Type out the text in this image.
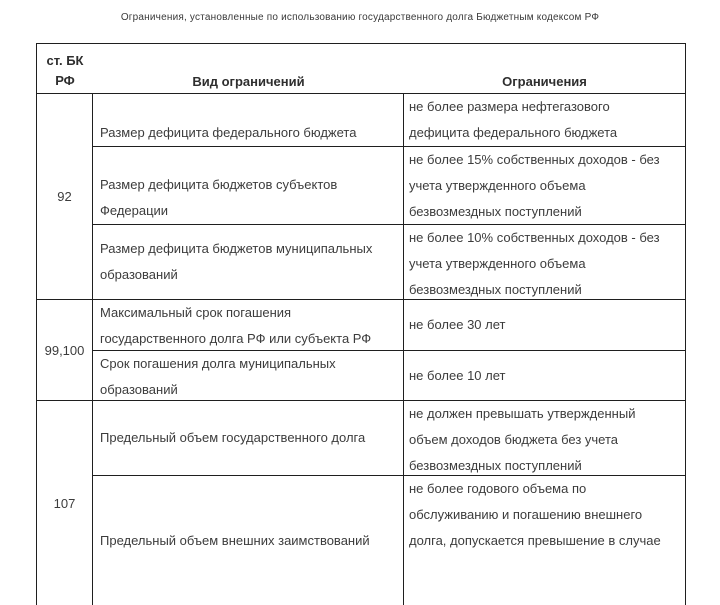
Ограничения, установленные по использованию государственного долга Бюджетным кодексом РФ
ст. БК
РФ	Вид ограничений	Ограничения
92
Размер дефицита федерального бюджета
не более размера нефтегазового
дефицита федерального бюджета
Размер дефицита бюджетов субъектов
Федерации
не более 15% собственных доходов - без
учета утвержденного объема
безвозмездных поступлений
Размер дефицита бюджетов муниципальных
образований
не более 10% собственных доходов - без
учета утвержденного объема
безвозмездных поступлений
99,100
Максимальный срок погашения
государственного долга РФ или субъекта РФ
не более 30 лет
Срок погашения долга муниципальных
образований
не более 10 лет
107
Предельный объем государственного долга
не должен превышать утвержденный
объем доходов бюджета без учета
безвозмездных поступлений
Предельный объем внешних заимствований
не более годового объема по
обслуживанию и погашению внешнего
долга, допускается превышение в случае
